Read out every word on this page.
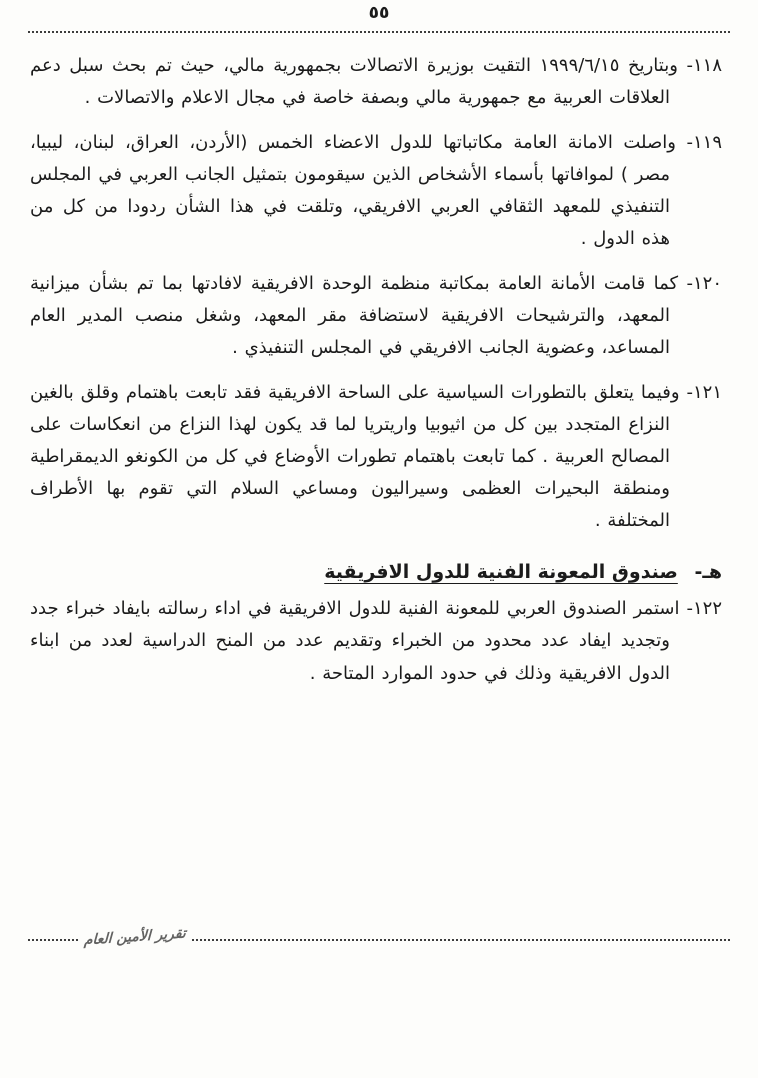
٥٥

١١٨- وبتاريخ ١٩٩٩/٦/١٥ التقيت بوزيرة الاتصالات بجمهورية مالي، حيث تم بحث سبل دعم العلاقات العربية مع جمهورية مالي وبصفة خاصة في مجال الاعلام والاتصالات .

١١٩- واصلت الامانة العامة مكاتباتها للدول الاعضاء الخمس (الأردن، العراق، لبنان، ليبيا، مصر ) لموافاتها بأسماء الأشخاص الذين سيقومون بتمثيل الجانب العربي في المجلس التنفيذي للمعهد الثقافي العربي الافريقي، وتلقت في هذا الشأن ردودا من كل من هذه الدول .

١٢٠- كما قامت الأمانة العامة بمكاتبة منظمة الوحدة الافريقية لافادتها بما تم بشأن ميزانية المعهد، والترشيحات الافريقية لاستضافة مقر المعهد، وشغل منصب المدير العام المساعد، وعضوية الجانب الافريقي في المجلس التنفيذي .

١٢١- وفيما يتعلق بالتطورات السياسية على الساحة الافريقية فقد تابعت باهتمام وقلق بالغين النزاع المتجدد بين كل من اثيوبيا واريتريا لما قد يكون لهذا النزاع من انعكاسات على المصالح العربية . كما تابعت باهتمام تطورات الأوضاع في كل من الكونغو الديمقراطية ومنطقة البحيرات العظمى وسيراليون ومساعي السلام التي تقوم بها الأطراف المختلفة .

هـ- صندوق المعونة الفنية للدول الافريقية

١٢٢- استمر الصندوق العربي للمعونة الفنية للدول الافريقية في اداء رسالته بايفاد خبراء جدد وتجديد ايفاد عدد محدود من الخبراء وتقديم عدد من المنح الدراسية لعدد من ابناء الدول الافريقية وذلك في حدود الموارد المتاحة .

تقرير الأمين العام
